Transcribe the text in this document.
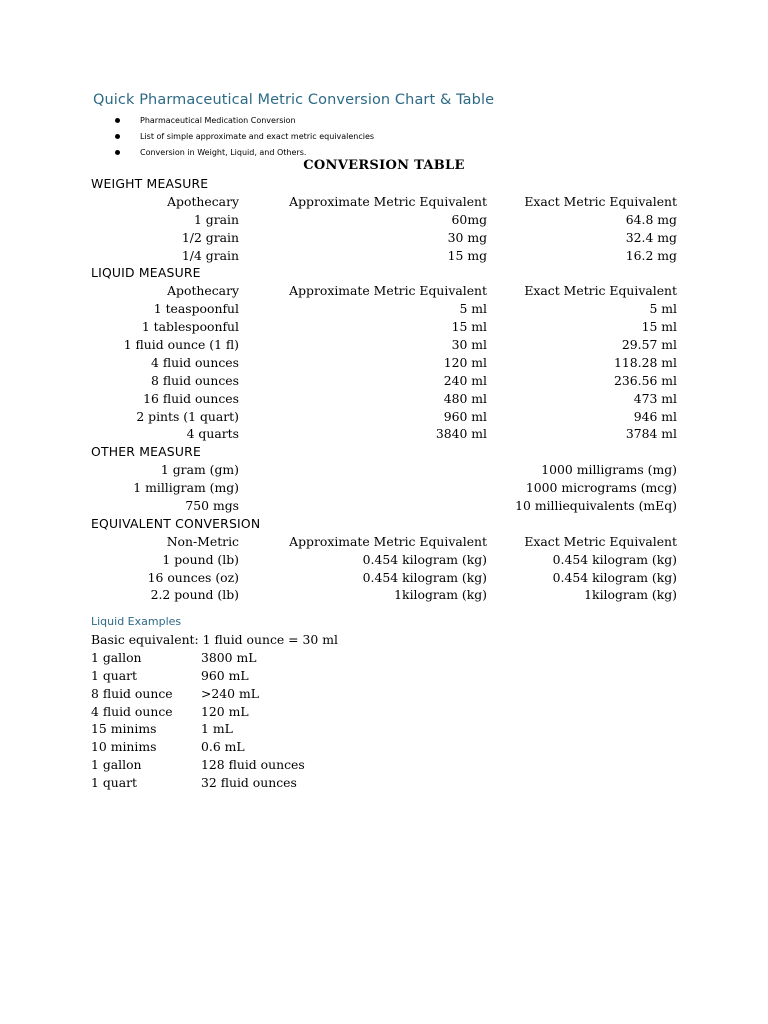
Quick Pharmaceutical Metric Conversion Chart & Table
Pharmaceutical Medication Conversion
List of simple approximate and exact metric equivalencies
Conversion in Weight, Liquid, and Others.
CONVERSION TABLE
WEIGHT MEASURE
Apothecary	Approximate Metric Equivalent	Exact Metric Equivalent
1 grain	60mg	64.8 mg
1/2 grain	30 mg	32.4 mg
1/4 grain	15 mg	16.2 mg
LIQUID MEASURE
Apothecary	Approximate Metric Equivalent	Exact Metric Equivalent
1 teaspoonful	5 ml	5 ml
1 tablespoonful	15 ml	15 ml
1 fluid ounce (1 fl)	30 ml	29.57 ml
4 fluid ounces	120 ml	118.28 ml
8 fluid ounces	240 ml	236.56 ml
16 fluid ounces	480 ml	473 ml
2 pints (1 quart)	960 ml	946 ml
4 quarts	3840 ml	3784 ml
OTHER MEASURE
1 gram (gm)	1000 milligrams (mg)
1 milligram (mg)	1000 micrograms (mcg)
750 mgs	10 milliequivalents (mEq)
EQUIVALENT CONVERSION
Non-Metric	Approximate Metric Equivalent	Exact Metric Equivalent
1 pound (lb)	0.454 kilogram (kg)	0.454 kilogram (kg)
16 ounces (oz)	0.454 kilogram (kg)	0.454 kilogram (kg)
2.2 pound (lb)	1kilogram (kg)	1kilogram (kg)
Liquid Examples
Basic equivalent: 1 fluid ounce = 30 ml
1 gallon	3800 mL
1 quart	960 mL
8 fluid ounce >240 mL
4 fluid ounce 120 mL
15 minims	1 mL
10 minims	0.6 mL
1 gallon	128 fluid ounces
1 quart	32 fluid ounces
